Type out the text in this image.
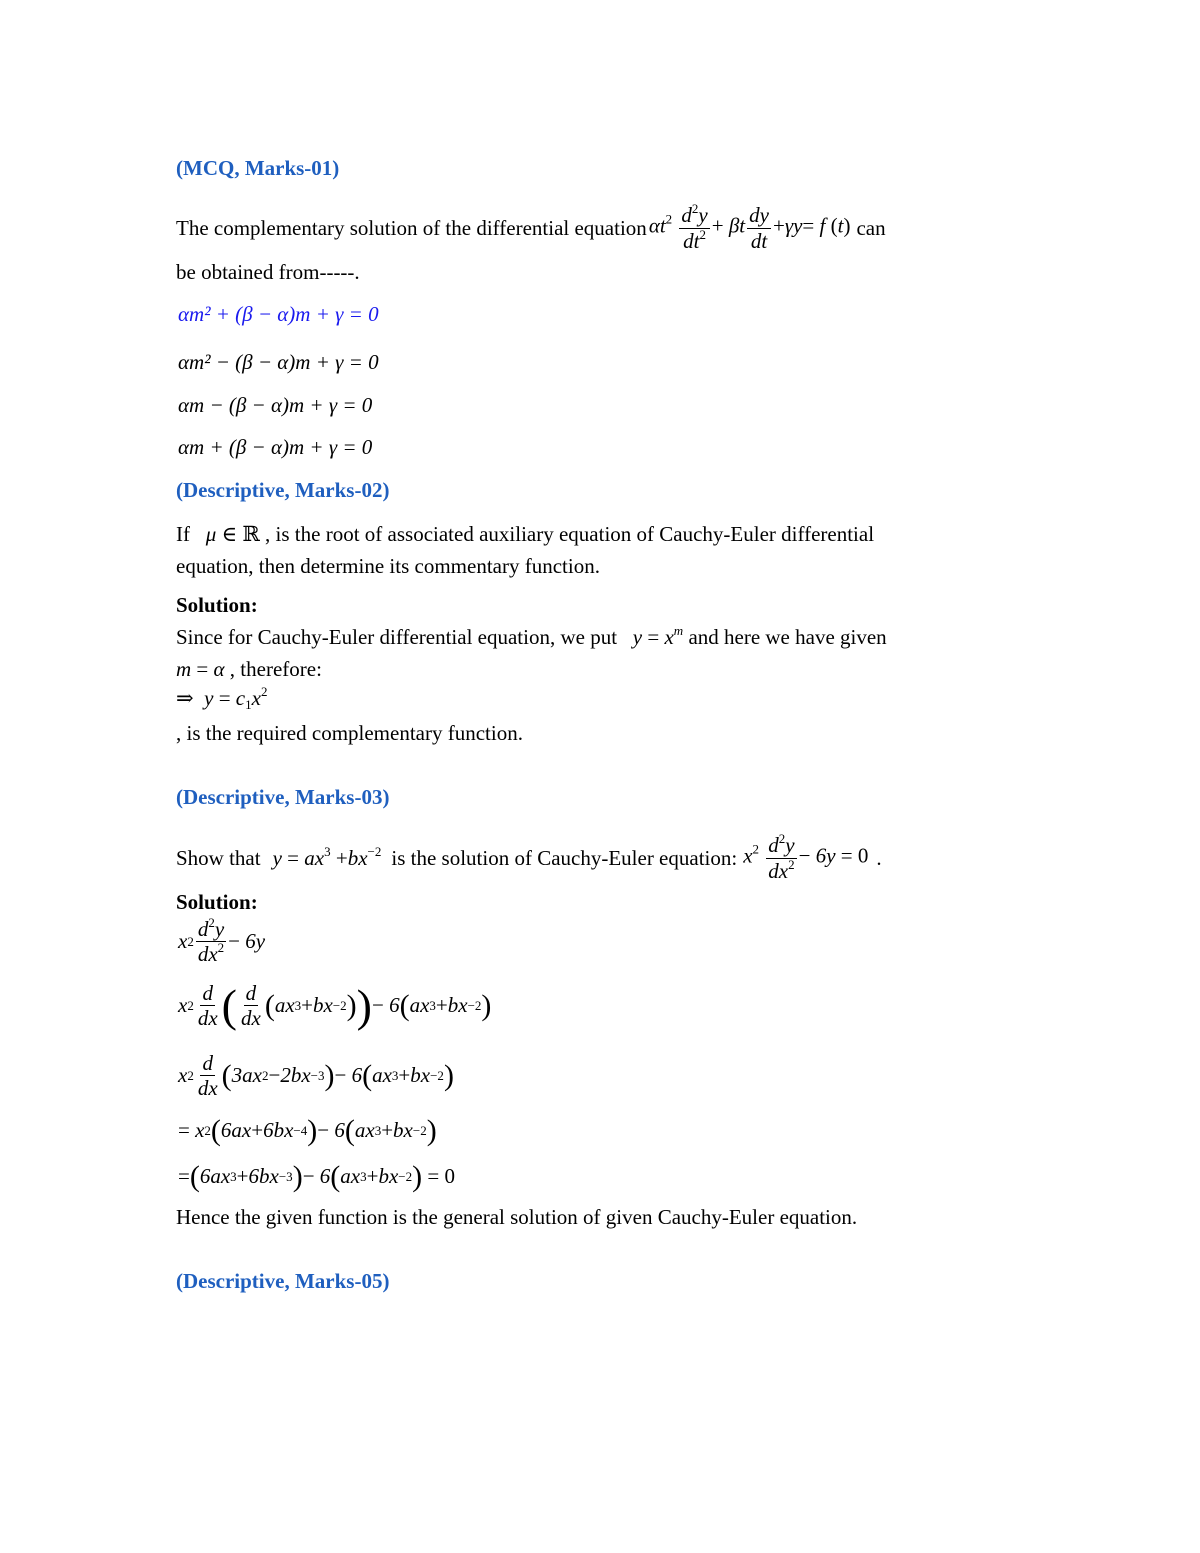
(MCQ, Marks-01)
The complementary solution of the differential equation $\alpha t^2 \frac{d^2y}{dt^2} + \beta t \frac{dy}{dt} +\gamma y= f$ (t) can
be obtained from-----.
αm² + (β − α)m + γ = 0
αm² − (β − α)m + γ = 0
αm − (β − α)m + γ = 0
αm + (β − α)m + γ = 0
(Descriptive, Marks-02)
If   μ ∈ ℝ , is the root of associated auxiliary equation of Cauchy-Euler differential
equation, then determine its commentary function.
Solution:
Since for Cauchy-Euler differential equation, we put   $y = x^m$ and here we have given
m = α , therefore:
⇒  $y = c_1x^2$
, is the required complementary function.
(Descriptive, Marks-03)
Show that $y = ax^3 +bx^{-2}$ is the solution of Cauchy-Euler equation: $x^2 \frac{d^2y}{dx^2} - 6y = 0$ .
Solution:
x $2 \frac{d^2y}{dx^2} - 6y$
x $2 \frac{d}{dx}$ ( $\frac{d}{dx}$ ( ax 3 + bx −2 ) ) − 6 ( ax 3 + bx −2 )
x $2 \frac{d}{dx}$ ( 3ax 2 − 2bx −3 ) − 6 ( ax 3 + bx −2 )
= x 2 ( 6ax + 6bx −4 ) − 6 ( ax 3 + bx −2 )
= ( 6ax 3 + 6bx −3 ) − 6 ( ax 3 + bx −2 )
=
0
Hence the given function is the general solution of given Cauchy-Euler equation.
(Descriptive, Marks-05)
